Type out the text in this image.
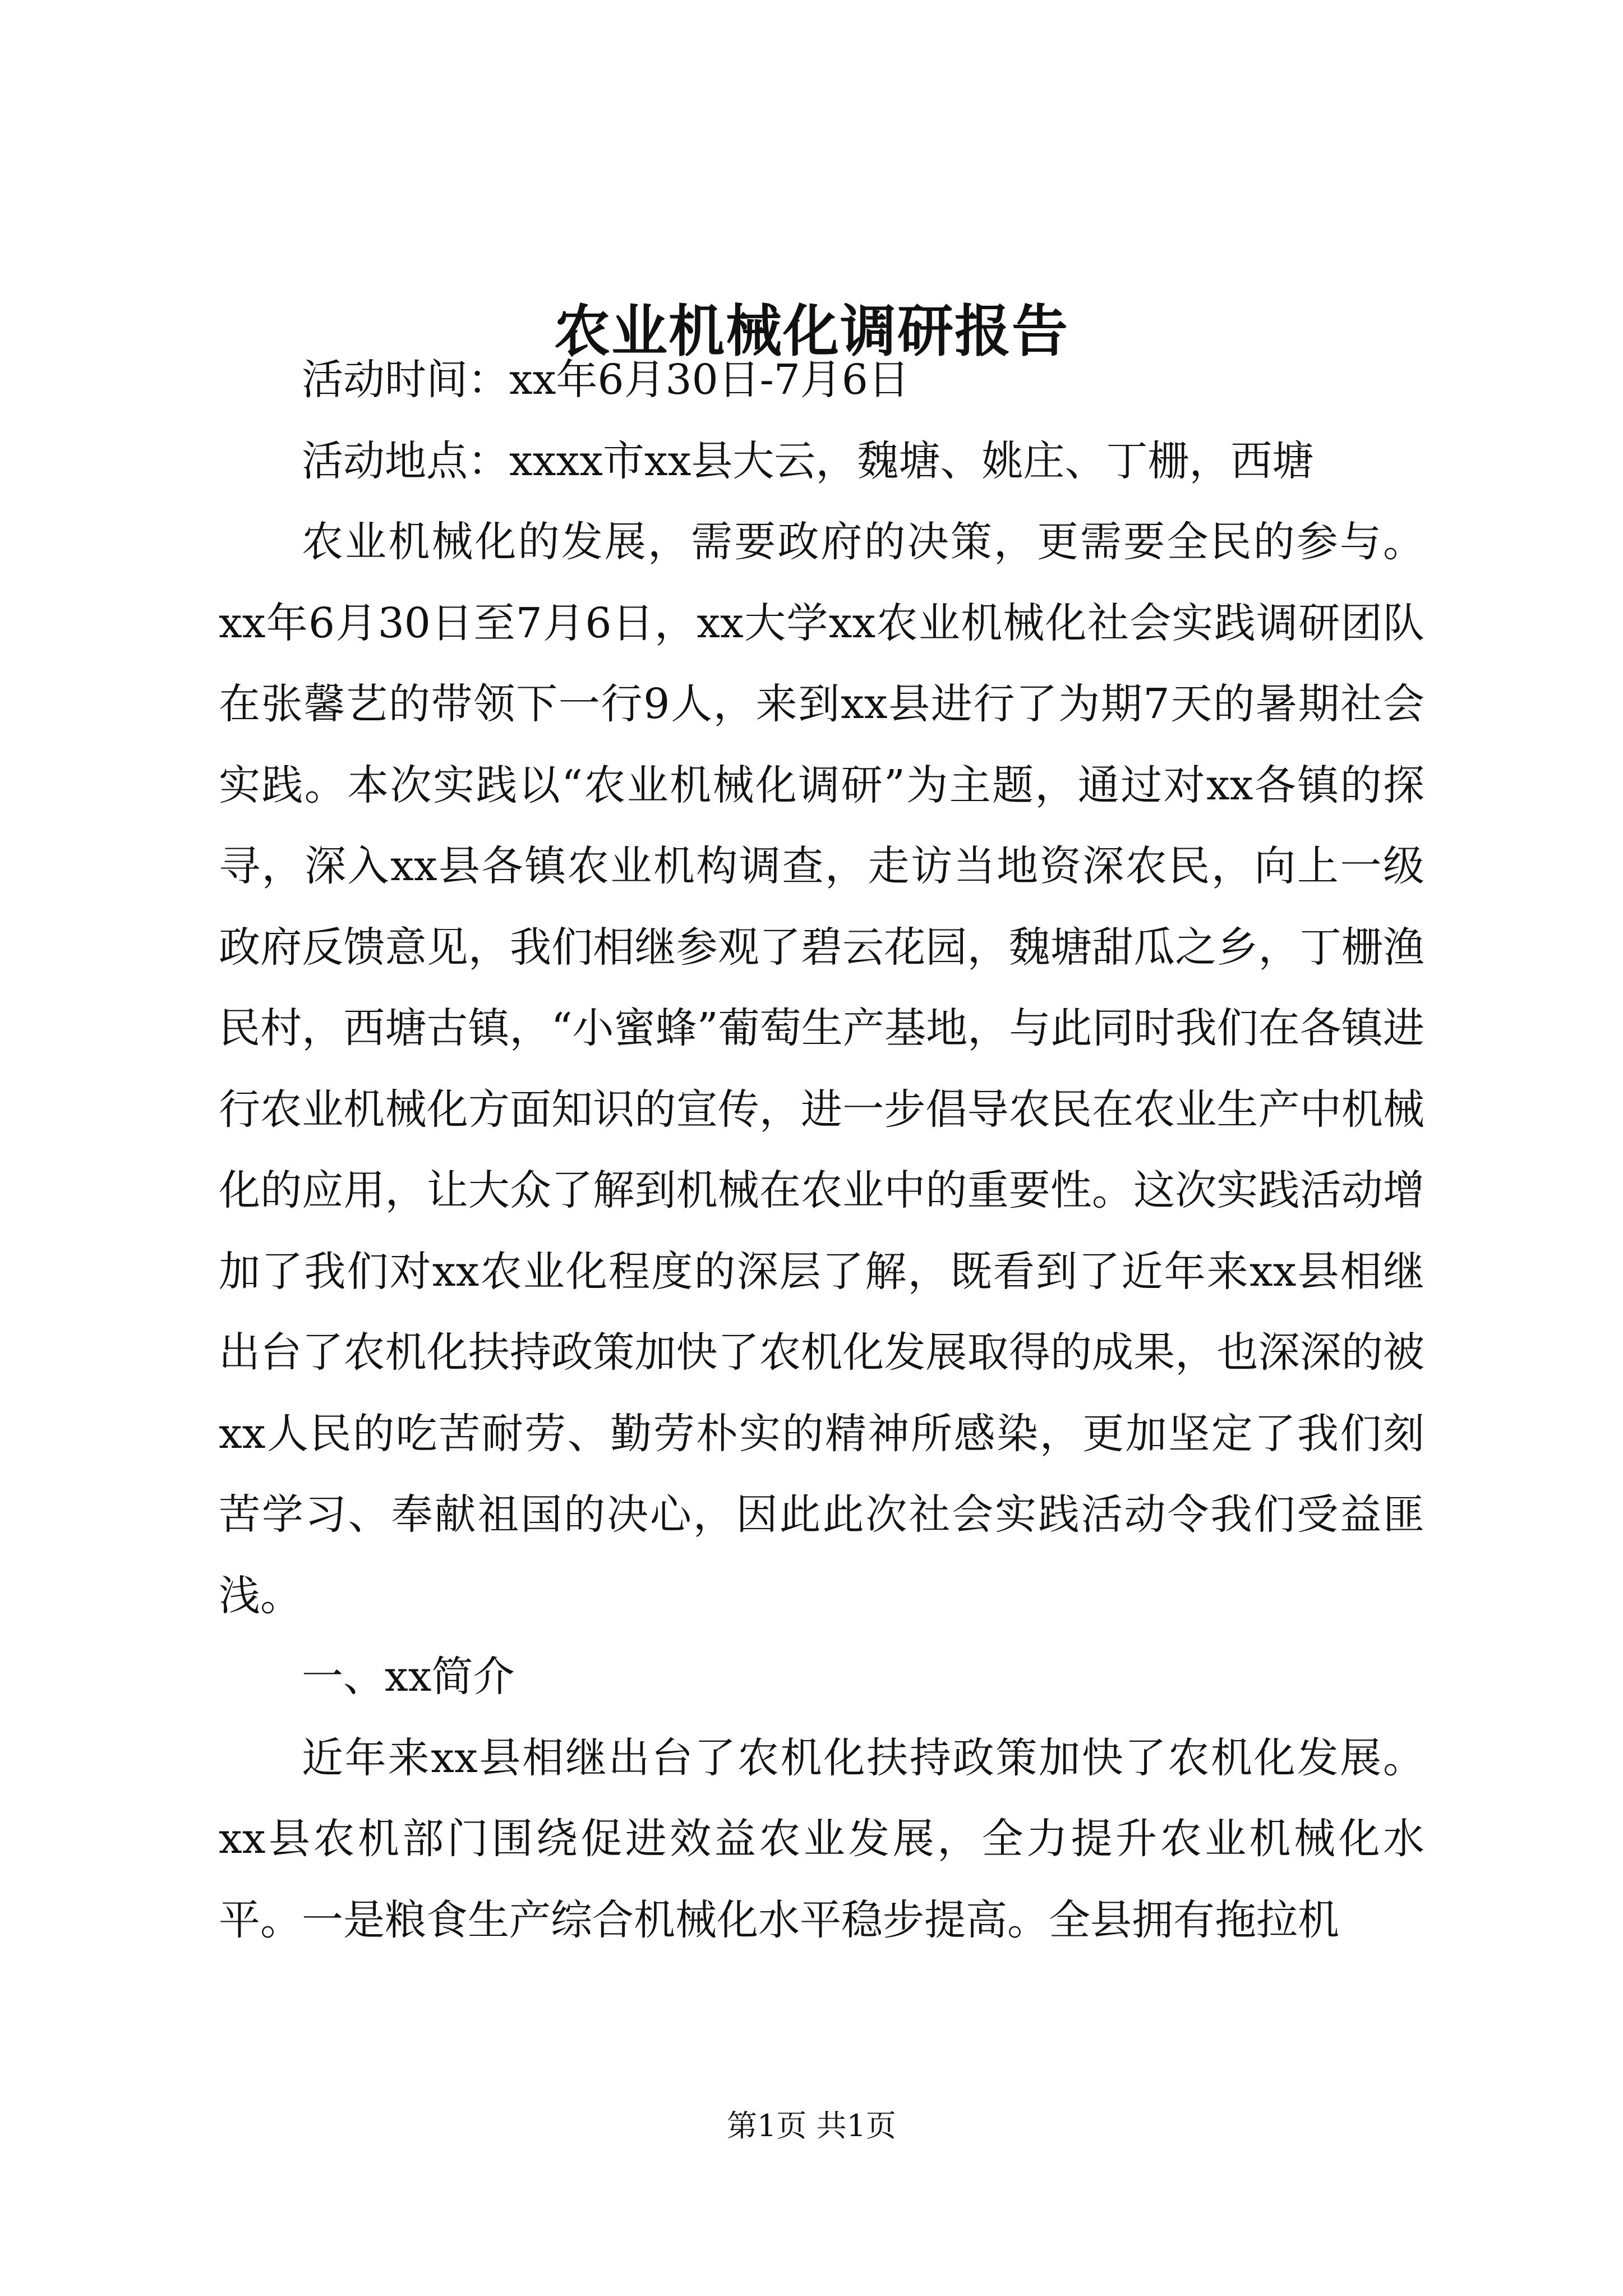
农业机械化调研报告

活动时间：xx年6月30日-7月6日

活动地点：xxxx市xx县大云，魏塘、姚庄、丁栅，西塘

农业机械化的发展，需要政府的决策，更需要全民的参与。xx年6月30日至7月6日，xx大学xx农业机械化社会实践调研团队在张馨艺的带领下一行9人，来到xx县进行了为期7天的暑期社会实践。本次实践以“农业机械化调研”为主题，通过对xx各镇的探寻，深入xx县各镇农业机构调查，走访当地资深农民，向上一级政府反馈意见，我们相继参观了碧云花园，魏塘甜瓜之乡，丁栅渔民村，西塘古镇，“小蜜蜂”葡萄生产基地，与此同时我们在各镇进行农业机械化方面知识的宣传，进一步倡导农民在农业生产中机械化的应用，让大众了解到机械在农业中的重要性。这次实践活动增加了我们对xx农业化程度的深层了解，既看到了近年来xx县相继出台了农机化扶持政策加快了农机化发展取得的成果，也深深的被xx人民的吃苦耐劳、勤劳朴实的精神所感染，更加坚定了我们刻苦学习、奉献祖国的决心，因此此次社会实践活动令我们受益匪浅。

一、xx简介

近年来xx县相继出台了农机化扶持政策加快了农机化发展。xx县农机部门围绕促进效益农业发展，全力提升农业机械化水平。一是粮食生产综合机械化水平稳步提高。全县拥有拖拉机

第1页 共1页
